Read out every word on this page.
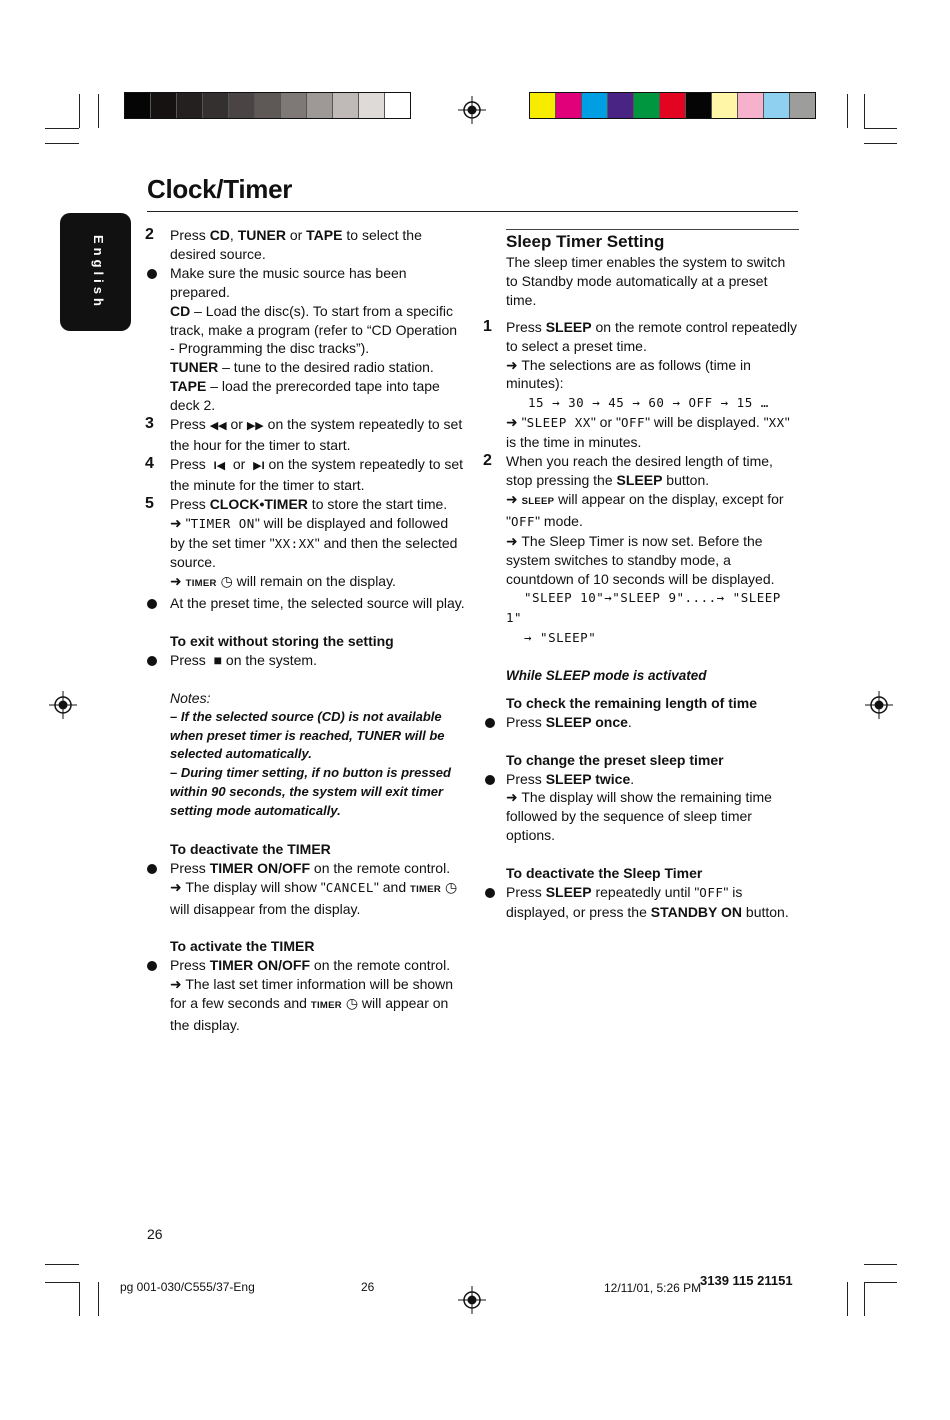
Clock/Timer
English
2	Press CD, TUNER or TAPE to select the desired source.
Make sure the music source has been prepared.
CD – Load the disc(s). To start from a specific track, make a program (refer to “CD Operation - Programming the disc tracks”).
TUNER – tune to the desired radio station.
TAPE – load the prerecorded tape into tape deck 2.
3	Press ◀◀ or ▶▶ on the system repeatedly to set the hour for the timer to start.
4	Press  I◀  or  ▶I on the system repeatedly to set the minute for the timer to start.
5	Press CLOCK•TIMER to store the start time.
➜ "TIMER ON" will be displayed and followed by the set timer "XX:XX" and then the selected source.
➜ TIMER ◷ will remain on the display.
At the preset time, the selected source will play.
To exit without storing the setting
Press  ■ on the system.
Notes:
– If the selected source (CD) is not available when preset timer is reached, TUNER will be selected automatically.
– During timer setting, if no button is pressed within 90 seconds, the system will exit timer setting mode automatically.
To deactivate the TIMER
Press TIMER ON/OFF on the remote control.
➜ The display will show "CANCEL" and TIMER ◷ will disappear from the display.
To activate the TIMER
Press TIMER ON/OFF on the remote control.
➜ The last set timer information will be shown for a few seconds and TIMER ◷ will appear on the display.
Sleep Timer Setting
The sleep timer enables the system to switch to Standby mode automatically at a preset time.
1	Press SLEEP on the remote control repeatedly to select a preset time.
➜ The selections are as follows (time in minutes):
15 → 30 → 45 → 60 → OFF → 15 …
➜ "SLEEP XX" or "OFF" will be displayed. "XX" is the time in minutes.
2	When you reach the desired length of time, stop pressing the SLEEP button.
➜ SLEEP will appear on the display, except for "OFF" mode.
➜ The Sleep Timer is now set. Before the system switches to standby mode, a countdown of 10 seconds will be displayed.
"SLEEP 10"→"SLEEP 9"....→ "SLEEP 1"
→ "SLEEP"
While SLEEP mode is activated
To check the remaining length of time
Press SLEEP once.
To change the preset sleep timer
Press SLEEP twice.
➜ The display will show the remaining time followed by the sequence of sleep timer options.
To deactivate the Sleep Timer
Press SLEEP repeatedly until "OFF" is displayed, or press the STANDBY ON button.
26
pg 001-030/C555/37-Eng	26	12/11/01, 5:26 PM
3139 115 21151
